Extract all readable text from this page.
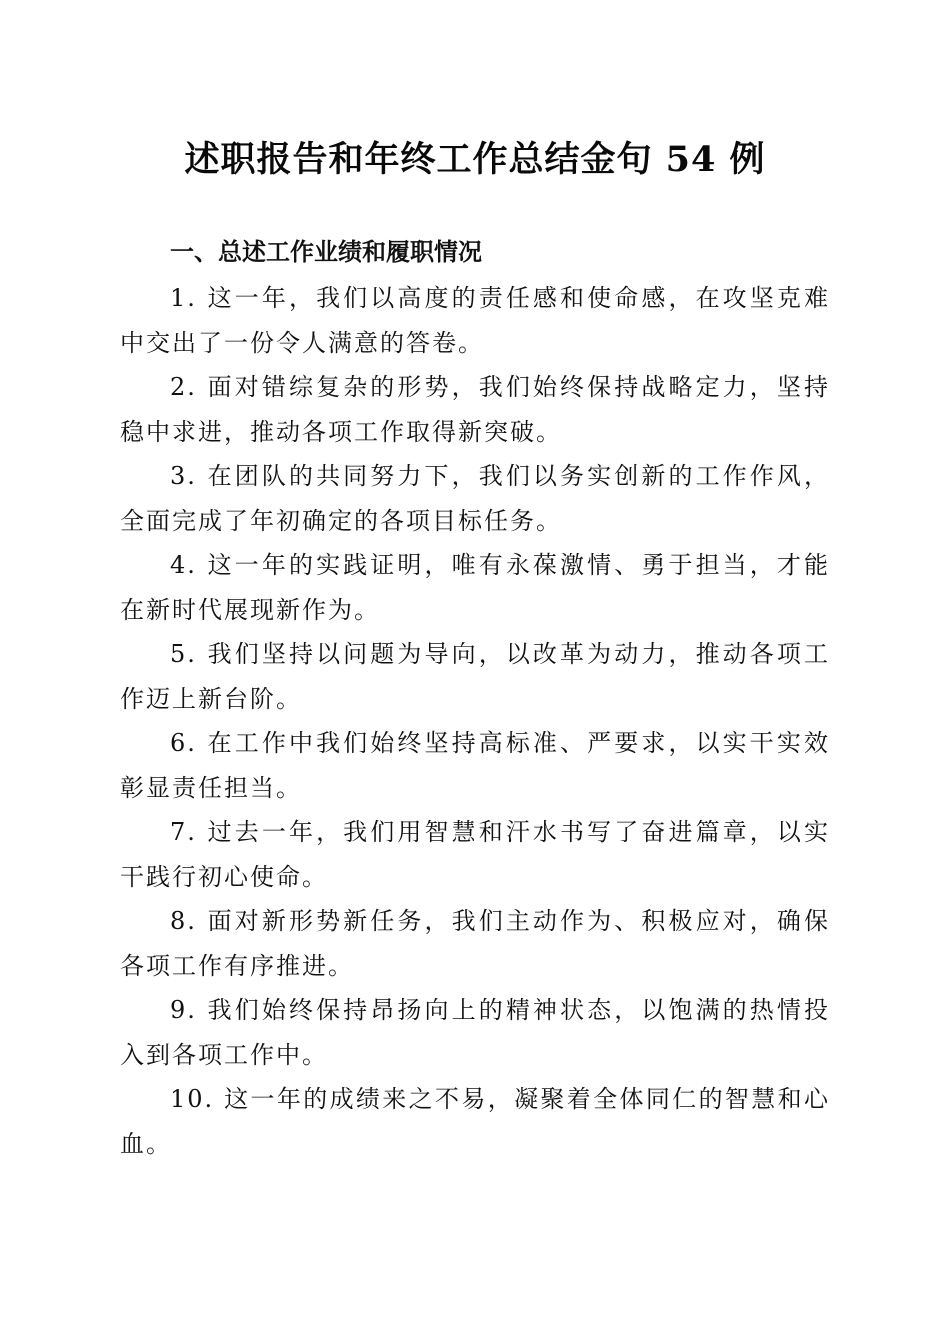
述职报告和年终工作总结金句 54 例
一、总述工作业绩和履职情况

1. 这一年，我们以高度的责任感和使命感，在攻坚克难中交出了一份令人满意的答卷。

2. 面对错综复杂的形势，我们始终保持战略定力，坚持稳中求进，推动各项工作取得新突破。

3. 在团队的共同努力下，我们以务实创新的工作作风，全面完成了年初确定的各项目标任务。

4. 这一年的实践证明，唯有永葆激情、勇于担当，才能在新时代展现新作为。

5. 我们坚持以问题为导向，以改革为动力，推动各项工作迈上新台阶。

6. 在工作中我们始终坚持高标准、严要求，以实干实效彰显责任担当。

7. 过去一年，我们用智慧和汗水书写了奋进篇章，以实干践行初心使命。

8. 面对新形势新任务，我们主动作为、积极应对，确保各项工作有序推进。

9. 我们始终保持昂扬向上的精神状态，以饱满的热情投入到各项工作中。

10. 这一年的成绩来之不易，凝聚着全体同仁的智慧和心血。
